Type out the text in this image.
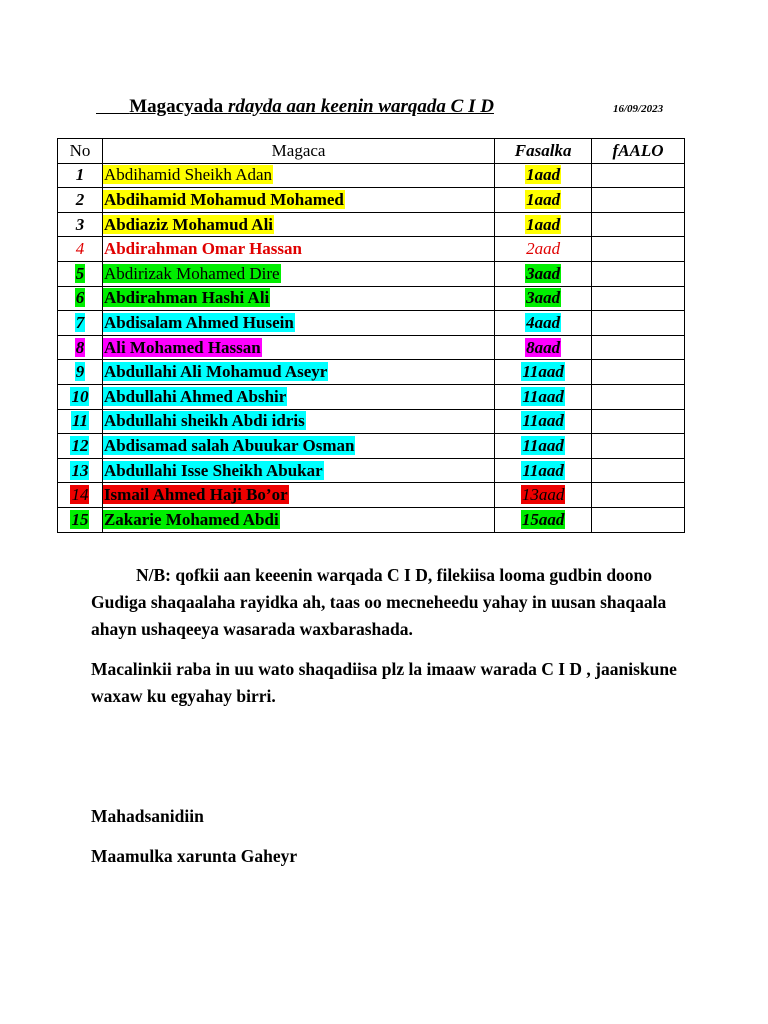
Magacyada rdayda aan keenin warqada C I D	16/09/2023
No	Magaca	Fasalka	fAALO
1	Abdihamid Sheikh Adan	1aad	
2	Abdihamid Mohamud Mohamed	1aad	
3	Abdiaziz Mohamud Ali	1aad	
4	Abdirahman Omar Hassan	2aad	
5	Abdirizak Mohamed Dire	3aad	
6	Abdirahman Hashi Ali	3aad	
7	Abdisalam Ahmed Husein	4aad	
8	Ali Mohamed Hassan	8aad	
9	Abdullahi Ali Mohamud Aseyr	11aad	
10	Abdullahi Ahmed Abshir	11aad	
11	Abdullahi sheikh Abdi idris	11aad	
12	Abdisamad salah Abuukar Osman	11aad	
13	Abdullahi Isse Sheikh Abukar	11aad	
14	Ismail Ahmed Haji Bo’or	13aad	
15	Zakarie Mohamed Abdi	15aad	
N/B: qofkii aan keeenin warqada C I D, filekiisa looma gudbin doono Gudiga shaqaalaha rayidka ah, taas oo mecneheedu yahay in uusan shaqaala ahayn ushaqeeya wasarada waxbarashada.
Macalinkii raba in uu wato shaqadiisa plz la imaaw warada C I D , jaaniskune waxaw ku egyahay birri.
Mahadsanidiin
Maamulka xarunta Gaheyr
